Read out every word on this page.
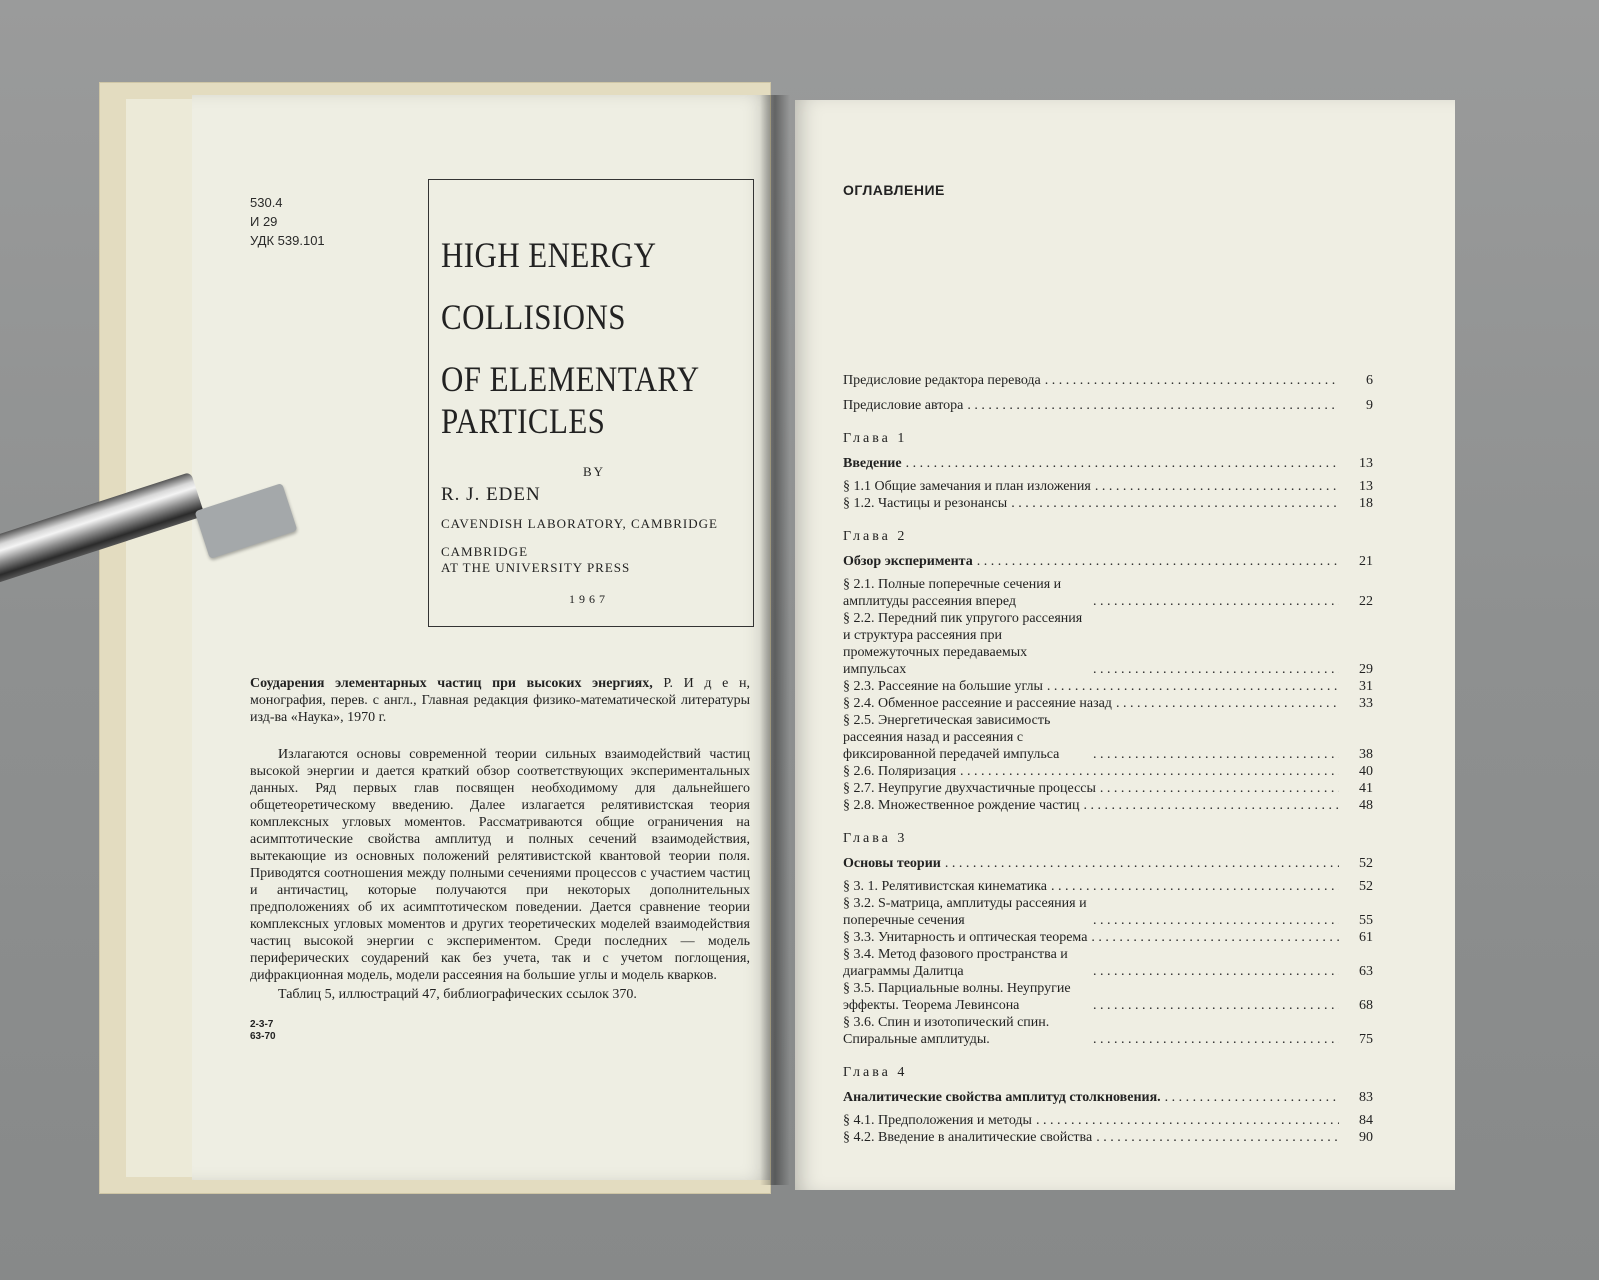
530.4
И 29
УДК 539.101	HIGH ENERGY
COLLISIONS
OF ELEMENTARY
PARTICLES
BY
R. J. EDEN
CAVENDISH LABORATORY, CAMBRIDGE
CAMBRIDGE
AT THE UNIVERSITY PRESS
1967

Соударения элементарных частиц при высоких энергиях, Р. И д е н, монография, перев. с англ., Главная редакция физико-математической литературы изд-ва «Наука», 1970 г.

Излагаются основы современной теории сильных взаимодействий частиц высокой энергии и дается краткий обзор соответствующих экспериментальных данных. Ряд первых глав посвящен необходимому для дальнейшего общетеоретическому введению. Далее излагается релятивистская теория комплексных угловых моментов. Рассматриваются общие ограничения на асимптотические свойства амплитуд и полных сечений взаимодействия, вытекающие из основных положений релятивистской квантовой теории поля. Приводятся соотношения между полными сечениями процессов с участием частиц и античастиц, которые получаются при некоторых дополнительных предположениях об их асимптотическом поведении. Дается сравнение теории комплексных угловых моментов и других теоретических моделей взаимодействия частиц высокой энергии с экспериментом. Среди последних — модель периферических соударений как без учета, так и с учетом поглощения, дифракционная модель, модели рассеяния на большие углы и модель кварков.

Таблиц 5, иллюстраций 47, библиографических ссылок 370.

2-3-7
63-70
ОГЛАВЛЕНИЕ
Предисловие редактора перевода . . .	6
Предисловие автора . . .	9
Глава 1
Введение . . .	13
§ 1.1 Общие замечания и план изложения . . .	13
§ 1.2. Частицы и резонансы . . .	18
Глава 2
Обзор эксперимента . . .	21
§ 2.1. Полные поперечные сечения и амплитуды рассеяния вперед . . .	22
§ 2.2. Передний пик упругого рассеяния и структура рассеяния при промежуточных передаваемых импульсах . . .	29
§ 2.3. Рассеяние на большие углы . . .	31
§ 2.4. Обменное рассеяние и рассеяние назад . . .	33
§ 2.5. Энергетическая зависимость рассеяния назад и рассеяния с фиксированной передачей импульса . . .	38
§ 2.6. Поляризация . . .	40
§ 2.7. Неупругие двухчастичные процессы . . .	41
§ 2.8. Множественное рождение частиц . . .	48
Глава 3
Основы теории . . .	52
§ 3. 1. Релятивистская кинематика . . .	52
§ 3.2. S-матрица, амплитуды рассеяния и поперечные сечения . . .	55
§ 3.3. Унитарность и оптическая теорема . . .	61
§ 3.4. Метод фазового пространства и диаграммы Далитца . . .	63
§ 3.5. Парциальные волны. Неупругие эффекты. Теорема Левинсона . . .	68
§ 3.6. Спин и изотопический спин. Спиральные амплитуды. . . .	75
Глава 4
Аналитические свойства амплитуд столкновения. . . .	83
§ 4.1. Предположения и методы . . .	84
§ 4.2. Введение в аналитические свойства . . .	90
